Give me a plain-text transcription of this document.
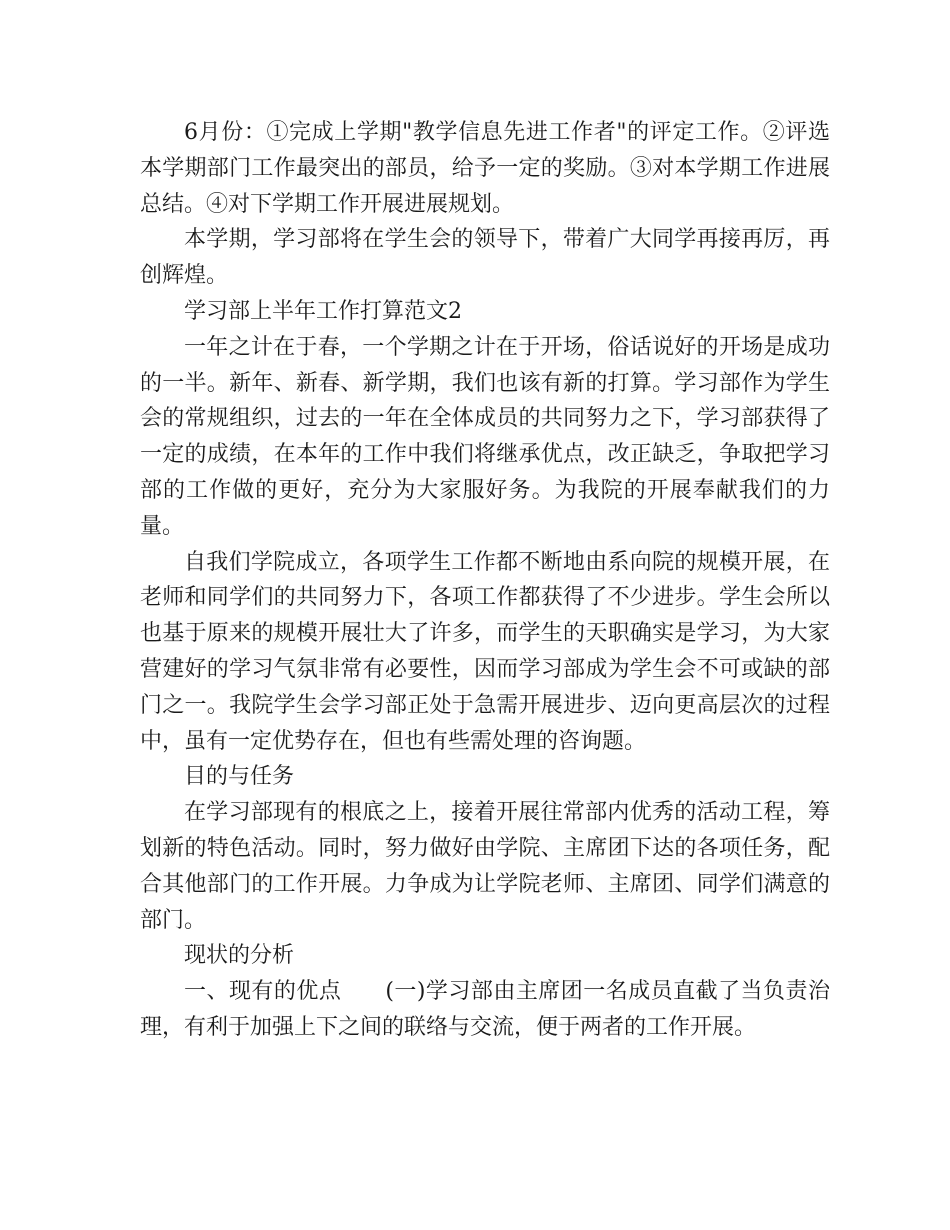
6月份：①完成上学期"教学信息先进工作者"的评定工作。②评选本学期部门工作最突出的部员，给予一定的奖励。③对本学期工作进展总结。④对下学期工作开展进展规划。

本学期，学习部将在学生会的领导下，带着广大同学再接再厉，再创辉煌。

学习部上半年工作打算范文2

一年之计在于春，一个学期之计在于开场，俗话说好的开场是成功的一半。新年、新春、新学期，我们也该有新的打算。学习部作为学生会的常规组织，过去的一年在全体成员的共同努力之下，学习部获得了一定的成绩，在本年的工作中我们将继承优点，改正缺乏，争取把学习部的工作做的更好，充分为大家服好务。为我院的开展奉献我们的力量。

自我们学院成立，各项学生工作都不断地由系向院的规模开展，在老师和同学们的共同努力下，各项工作都获得了不少进步。学生会所以也基于原来的规模开展壮大了许多，而学生的天职确实是学习，为大家营建好的学习气氛非常有必要性，因而学习部成为学生会不可或缺的部门之一。我院学生会学习部正处于急需开展进步、迈向更高层次的过程中，虽有一定优势存在，但也有些需处理的咨询题。

目的与任务

在学习部现有的根底之上，接着开展往常部内优秀的活动工程，筹划新的特色活动。同时，努力做好由学院、主席团下达的各项任务，配合其他部门的工作开展。力争成为让学院老师、主席团、同学们满意的部门。

现状的分析

一、现有的优点 (一)学习部由主席团一名成员直截了当负责治理，有利于加强上下之间的联络与交流，便于两者的工作开展。
